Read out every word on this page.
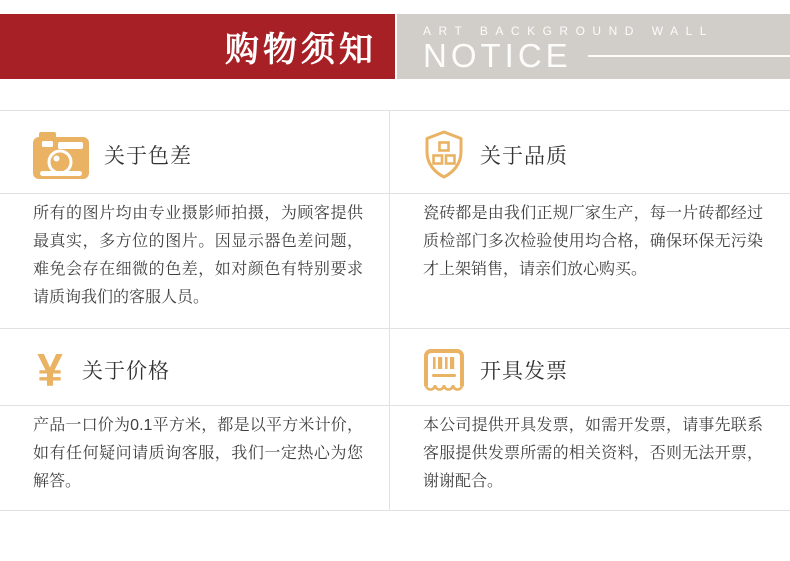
购物须知	ART BACKGROUND WALL
NOTICE
关于色差	关于品质
所有的图片均由专业摄影师拍摄，为顾客提供最真实，多方位的图片。因显示器色差问题，难免会存在细微的色差，如对颜色有特别要求请质询我们的客服人员。
瓷砖都是由我们正规厂家生产，每一片砖都经过质检部门多次检验使用均合格，确保环保无污染才上架销售，请亲们放心购买。
¥ 关于价格	开具发票
产品一口价为0.1平方米，都是以平方米计价，如有任何疑问请质询客服，我们一定热心为您解答。
本公司提供开具发票，如需开发票，请事先联系客服提供发票所需的相关资料，否则无法开票，谢谢配合。
